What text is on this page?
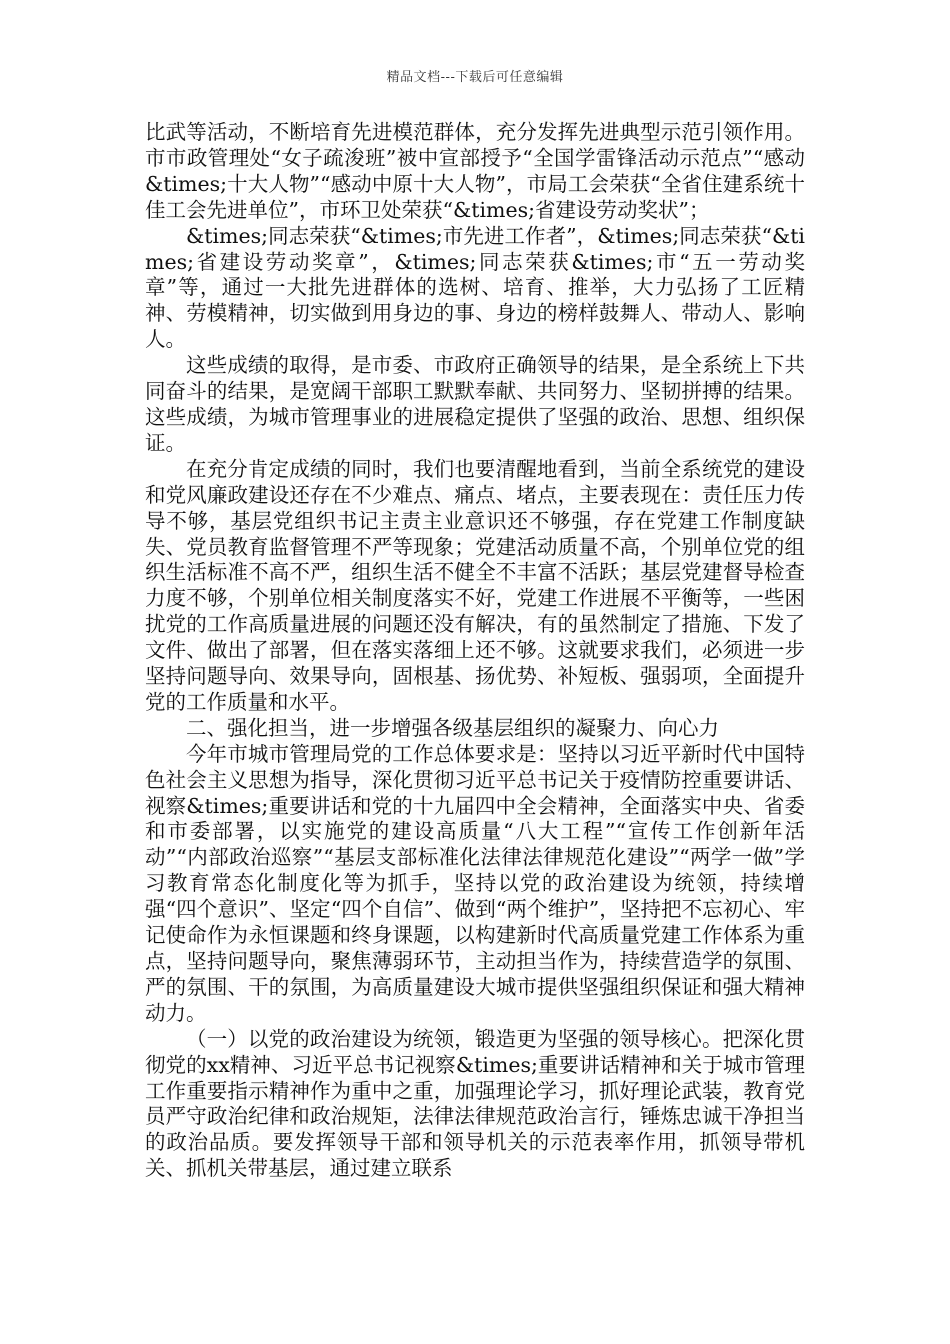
精品文档---下载后可任意编辑

比武等活动，不断培育先进模范群体，充分发挥先进典型示范引领作用。市市政管理处“女子疏浚班”被中宣部授予“全国学雷锋活动示范点”“感动&times;十大人物”“感动中原十大人物”，市局工会荣获“全省住建系统十佳工会先进单位”，市环卫处荣获“&times;省建设劳动奖状”；

&times;同志荣获“&times;市先进工作者”，&times;同志荣获“&times;省建设劳动奖章”，&times;同志荣获&times;市“五一劳动奖章”等，通过一大批先进群体的选树、培育、推举，大力弘扬了工匠精神、劳模精神，切实做到用身边的事、身边的榜样鼓舞人、带动人、影响人。

这些成绩的取得，是市委、市政府正确领导的结果，是全系统上下共同奋斗的结果，是宽阔干部职工默默奉献、共同努力、坚韧拼搏的结果。这些成绩，为城市管理事业的进展稳定提供了坚强的政治、思想、组织保证。

在充分肯定成绩的同时，我们也要清醒地看到，当前全系统党的建设和党风廉政建设还存在不少难点、痛点、堵点，主要表现在：责任压力传导不够，基层党组织书记主责主业意识还不够强，存在党建工作制度缺失、党员教育监督管理不严等现象；党建活动质量不高，个别单位党的组织生活标准不高不严，组织生活不健全不丰富不活跃；基层党建督导检查力度不够，个别单位相关制度落实不好，党建工作进展不平衡等，一些困扰党的工作高质量进展的问题还没有解决，有的虽然制定了措施、下发了文件、做出了部署，但在落实落细上还不够。这就要求我们，必须进一步坚持问题导向、效果导向，固根基、扬优势、补短板、强弱项，全面提升党的工作质量和水平。

二、强化担当，进一步增强各级基层组织的凝聚力、向心力

今年市城市管理局党的工作总体要求是：坚持以习近平新时代中国特色社会主义思想为指导，深化贯彻习近平总书记关于疫情防控重要讲话、视察&times;重要讲话和党的十九届四中全会精神，全面落实中央、省委和市委部署，以实施党的建设高质量“八大工程”“宣传工作创新年活动”“内部政治巡察”“基层支部标准化法律法律规范化建设”“两学一做”学习教育常态化制度化等为抓手，坚持以党的政治建设为统领，持续增强“四个意识”、坚定“四个自信”、做到“两个维护”，坚持把不忘初心、牢记使命作为永恒课题和终身课题，以构建新时代高质量党建工作体系为重点，坚持问题导向，聚焦薄弱环节，主动担当作为，持续营造学的氛围、严的氛围、干的氛围，为高质量建设大城市提供坚强组织保证和强大精神动力。

（一）以党的政治建设为统领，锻造更为坚强的领导核心。把深化贯彻党的xx精神、习近平总书记视察&times;重要讲话精神和关于城市管理工作重要指示精神作为重中之重，加强理论学习，抓好理论武装，教育党员严守政治纪律和政治规矩，法律法律规范政治言行，锤炼忠诚干净担当的政治品质。要发挥领导干部和领导机关的示范表率作用，抓领导带机关、抓机关带基层，通过建立联系
